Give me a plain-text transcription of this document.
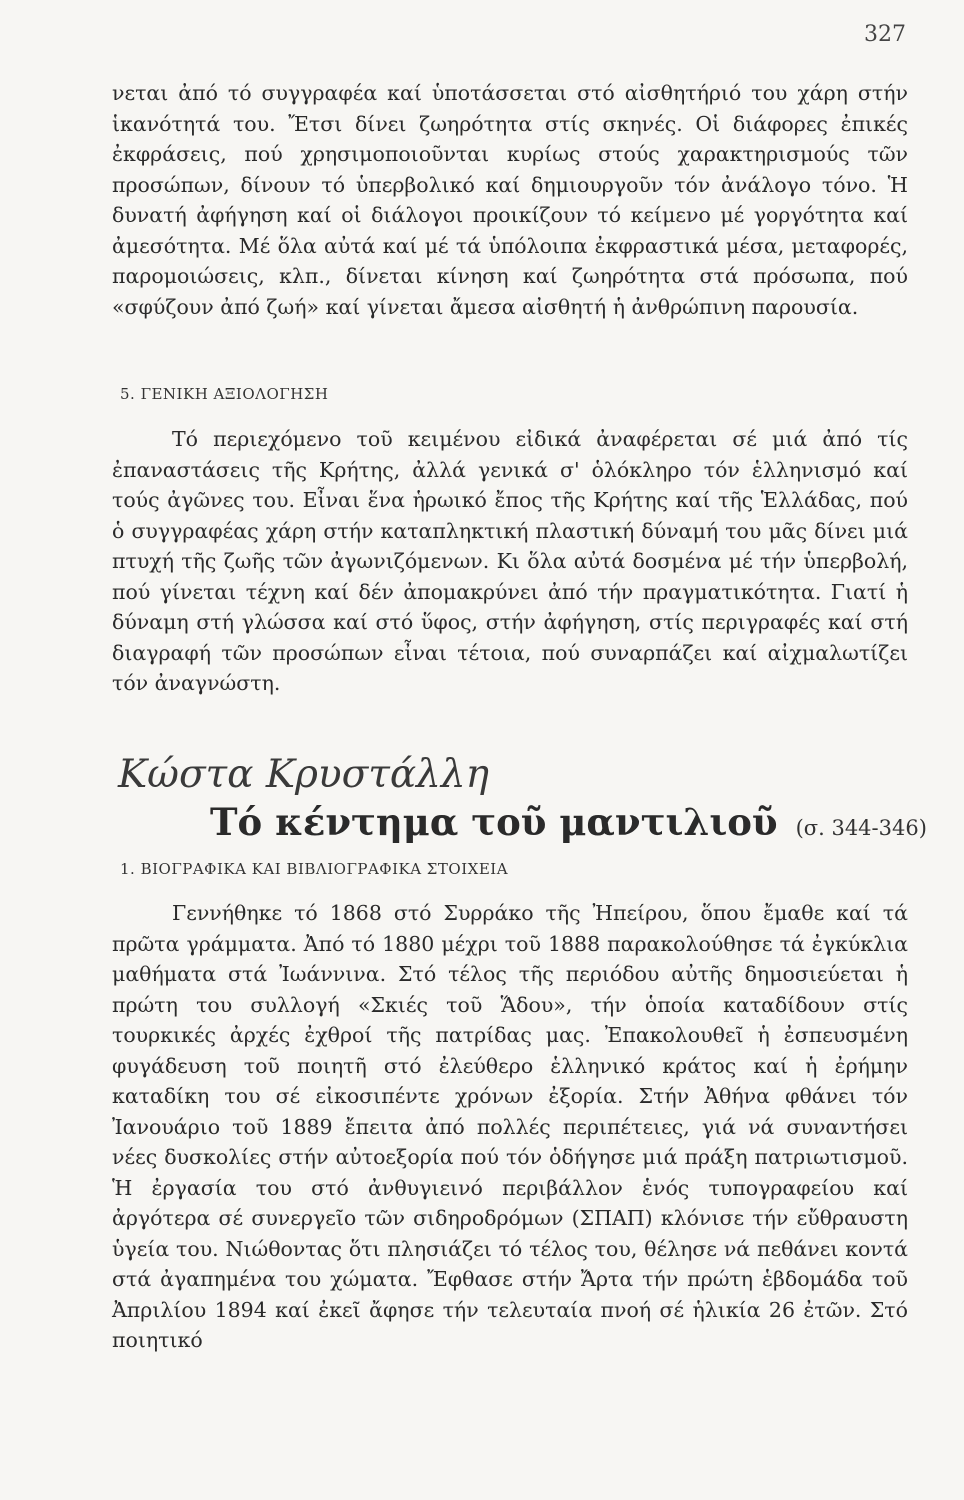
327

νεται ἀπό τό συγγραφέα καί ὑποτάσσεται στό αἰσθητήριό του χάρη στήν ἱκανότητά του. Ἔτσι δίνει ζωηρότητα στίς σκηνές. Οἱ διάφορες ἐπικές ἐκφράσεις, πού χρησιμοποιοῦνται κυρίως στούς χαρακτηρισμούς τῶν προσώπων, δίνουν τό ὑπερβολικό καί δημιουργοῦν τόν ἀνάλογο τόνο. Ἡ δυνατή ἀφήγηση καί οἱ διάλογοι προικίζουν τό κείμενο μέ γοργότητα καί ἀμεσότητα. Μέ ὅλα αὐτά καί μέ τά ὑπόλοιπα ἐκφραστικά μέσα, μεταφορές, παρομοιώσεις, κλπ., δίνεται κίνηση καί ζωηρότητα στά πρόσωπα, πού «σφύζουν ἀπό ζωή» καί γίνεται ἄμεσα αἰσθητή ἡ ἀνθρώπινη παρουσία.

5. ΓΕΝΙΚΗ ΑΞΙΟΛΟΓΗΣΗ

Τό περιεχόμενο τοῦ κειμένου εἰδικά ἀναφέρεται σέ μιά ἀπό τίς ἐπαναστάσεις τῆς Κρήτης, ἀλλά γενικά σ' ὁλόκληρο τόν ἑλληνισμό καί τούς ἀγῶνες του. Εἶναι ἕνα ἡρωικό ἔπος τῆς Κρήτης καί τῆς Ἑλλάδας, πού ὁ συγγραφέας χάρη στήν καταπληκτική πλαστική δύναμή του μᾶς δίνει μιά πτυχή τῆς ζωῆς τῶν ἀγωνιζόμενων. Κι ὅλα αὐτά δοσμένα μέ τήν ὑπερβολή, πού γίνεται τέχνη καί δέν ἀπομακρύνει ἀπό τήν πραγματικότητα. Γιατί ἡ δύναμη στή γλώσσα καί στό ὕφος, στήν ἀφήγηση, στίς περιγραφές καί στή διαγραφή τῶν προσώπων εἶναι τέτοια, πού συναρπάζει καί αἰχμαλωτίζει τόν ἀναγνώστη.

Κώστα Κρυστάλλη
Τό κέντημα τοῦ μαντιλιοῦ (σ. 344-346)
1. ΒΙΟΓΡΑΦΙΚΑ ΚΑΙ ΒΙΒΛΙΟΓΡΑΦΙΚΑ ΣΤΟΙΧΕΙΑ

Γεννήθηκε τό 1868 στό Συρράκο τῆς Ἠπείρου, ὅπου ἔμαθε καί τά πρῶτα γράμματα. Ἀπό τό 1880 μέχρι τοῦ 1888 παρακολούθησε τά ἐγκύκλια μαθήματα στά Ἰωάννινα. Στό τέλος τῆς περιόδου αὐτῆς δημοσιεύεται ἡ πρώτη του συλλογή «Σκιές τοῦ Ἅδου», τήν ὁποία καταδίδουν στίς τουρκικές ἀρχές ἐχθροί τῆς πατρίδας μας. Ἐπακολουθεῖ ἡ ἐσπευσμένη φυγάδευση τοῦ ποιητῆ στό ἐλεύθερο ἑλληνικό κράτος καί ἡ ἐρήμην καταδίκη του σέ εἰκοσιπέντε χρόνων ἐξορία. Στήν Ἀθήνα φθάνει τόν Ἰανουάριο τοῦ 1889 ἔπειτα ἀπό πολλές περιπέτειες, γιά νά συναντήσει νέες δυσκολίες στήν αὐτοεξορία πού τόν ὁδήγησε μιά πράξη πατριωτισμοῦ. Ἡ ἐργασία του στό ἀνθυγιεινό περιβάλλον ἑνός τυπογραφείου καί ἀργότερα σέ συνεργεῖο τῶν σιδηροδρόμων (ΣΠΑΠ) κλόνισε τήν εὔθραυστη ὑγεία του. Νιώθοντας ὅτι πλησιάζει τό τέλος του, θέλησε νά πεθάνει κοντά στά ἀγαπημένα του χώματα. Ἔφθασε στήν Ἄρτα τήν πρώτη ἑβδομάδα τοῦ Ἀπριλίου 1894 καί ἐκεῖ ἄφησε τήν τελευταία πνοή σέ ἡλικία 26 ἐτῶν. Στό ποιητικό
